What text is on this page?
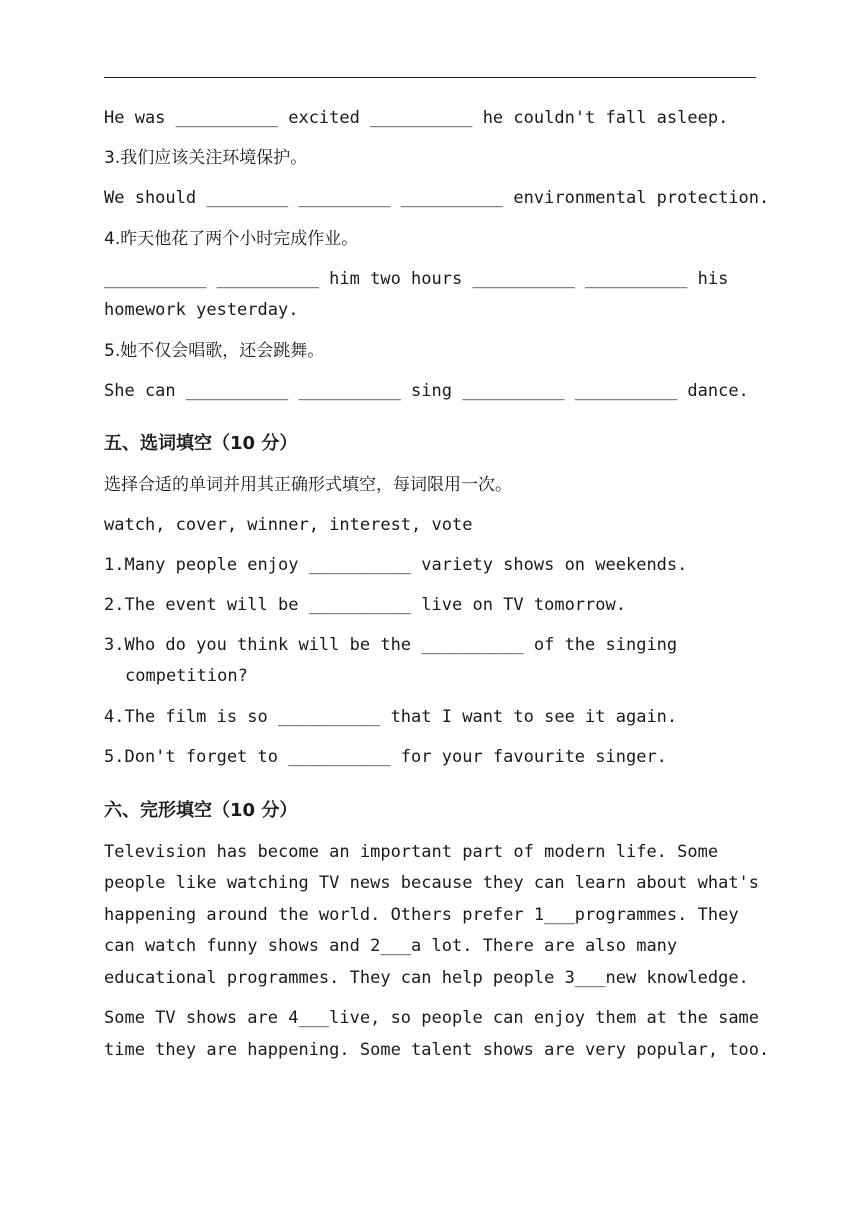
He was __________ excited __________ he couldn't fall asleep.
3.我们应该关注环境保护。
We should ________ _________ __________ environmental protection.
4.昨天他花了两个小时完成作业。
__________ __________ him two hours __________ __________ his
homework yesterday.
5.她不仅会唱歌，还会跳舞。
She can __________ __________ sing __________ __________ dance.
五、选词填空（10 分）
选择合适的单词并用其正确形式填空，每词限用一次。
watch, cover, winner, interest, vote
1.Many people enjoy __________ variety shows on weekends.
2.The event will be __________ live on TV tomorrow.
3.Who do you think will be the __________ of the singing
competition?
4.The film is so __________ that I want to see it again.
5.Don't forget to __________ for your favourite singer.
六、完形填空（10 分）
Television has become an important part of modern life. Some
people like watching TV news because they can learn about what's
happening around the world. Others prefer 1___programmes. They
can watch funny shows and 2___a lot. There are also many
educational programmes. They can help people 3___new knowledge.
Some TV shows are 4___live, so people can enjoy them at the same
time they are happening. Some talent shows are very popular, too.
